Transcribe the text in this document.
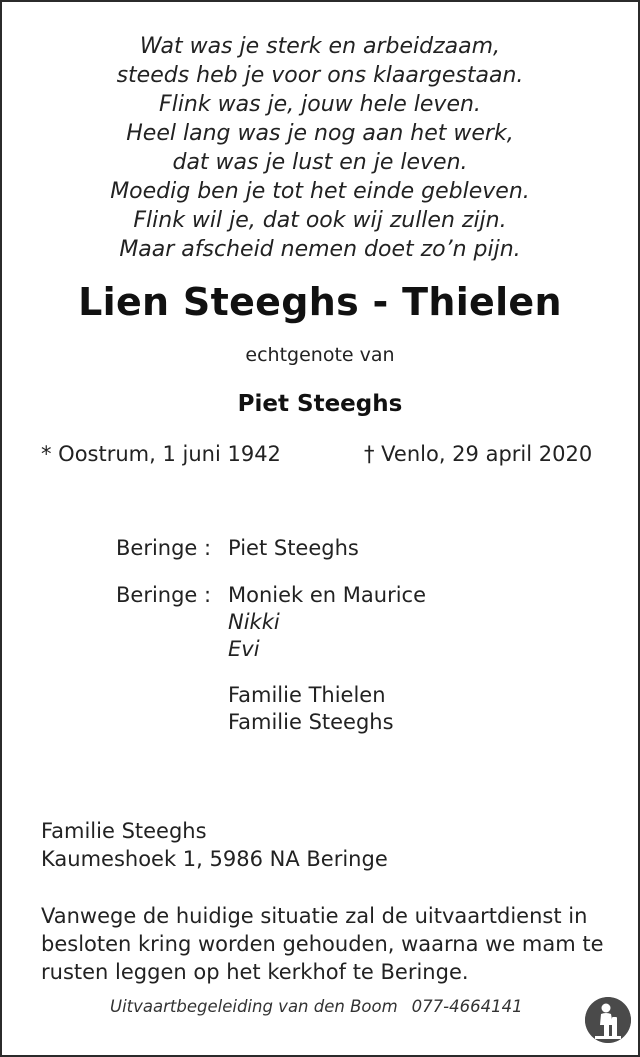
Wat was je sterk en arbeidzaam,
steeds heb je voor ons klaargestaan.
Flink was je, jouw hele leven.
Heel lang was je nog aan het werk,
dat was je lust en je leven.
Moedig ben je tot het einde gebleven.
Flink wil je, dat ook wij zullen zijn.
Maar afscheid nemen doet zo’n pijn.
Lien Steeghs - Thielen
echtgenote van
Piet Steeghs
* Oostrum, 1 juni 1942	† Venlo, 29 april 2020
Beringe : Piet Steeghs
Beringe : Moniek en Maurice
Nikki
Evi
Familie Thielen
Familie Steeghs
Familie Steeghs
Kaumeshoek 1, 5986 NA Beringe
Vanwege de huidige situatie zal de uitvaartdienst in besloten kring worden gehouden, waarna we mam te rusten leggen op het kerkhof te Beringe.
Uitvaartbegeleiding van den Boom 077-4664141
